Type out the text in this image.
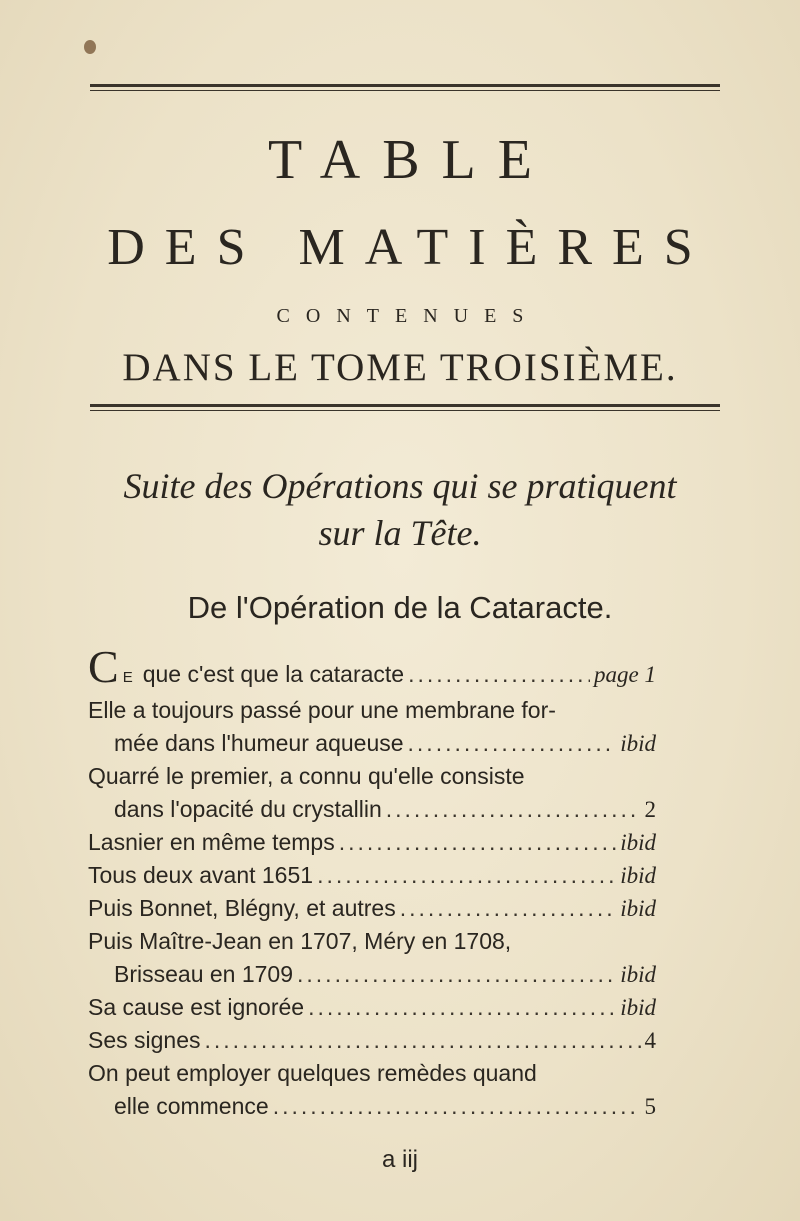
TABLE
DES MATIÈRES
CONTENUES
DANS LE TOME TROISIÈME.
Suite des Opérations qui se pratiquent
sur la Tête.
De l'Opération de la Cataracte.
C E que c'est que la cataracte .....	page 1
Elle a toujours passé pour une membrane for-
mée dans l'humeur aqueuse .....	ibid
Quarré le premier, a connu qu'elle consiste
dans l'opacité du crystallin .....	2
Lasnier en même temps .....	ibid
Tous deux avant 1651 .....	ibid
Puis Bonnet, Blégny, et autres .....	ibid
Puis Maître-Jean en 1707, Méry en 1708,
Brisseau en 1709 .....	ibid
Sa cause est ignorée .....	ibid
Ses signes .....	4
On peut employer quelques remèdes quand
elle commence .....	5
a iij
